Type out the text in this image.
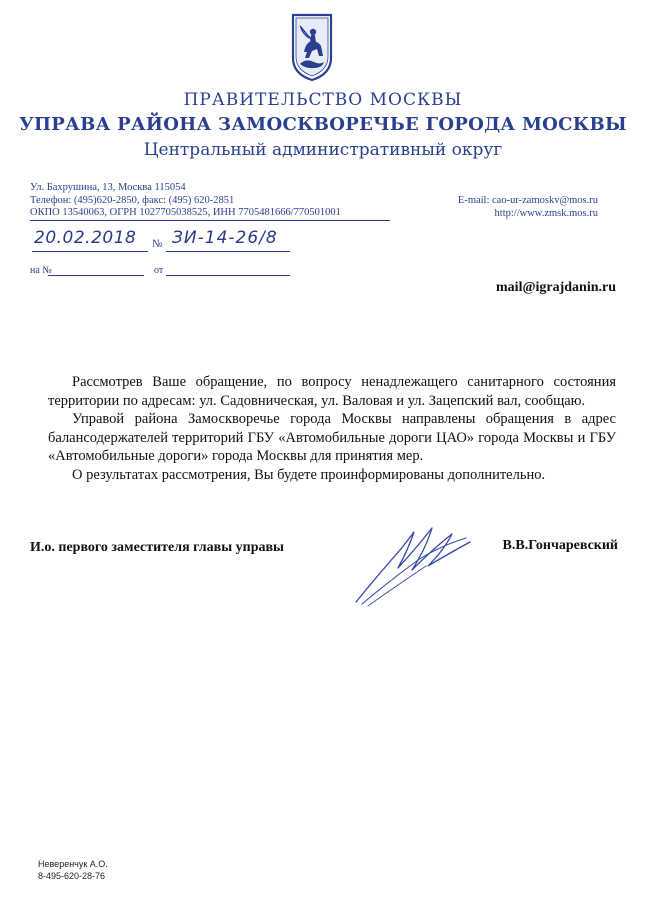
ПРАВИТЕЛЬСТВО МОСКВЫ
УПРАВА РАЙОНА ЗАМОСКВОРЕЧЬЕ ГОРОДА МОСКВЫ
Центральный административный округ
Ул. Бахрушина, 13, Москва 115054
Телефон: (495)620-2850, факс: (495) 620-2851
ОКПО 13540063, ОГРН 1027705038525, ИНН 7705481666/770501001
E-mail: cao-ur-zamoskv@mos.ru
http://www.zmsk.mos.ru
20.02.2018 № ЗИ-14-26/8
на №	от
mail@igrajdanin.ru

Рассмотрев Ваше обращение, по вопросу ненадлежащего санитарного состояния территории по адресам: ул. Садовническая, ул. Валовая и ул. Зацепский вал, сообщаю.

Управой района Замоскворечье города Москвы направлены обращения в адрес балансодержателей территорий ГБУ «Автомобильные дороги ЦАО» города Москвы и ГБУ «Автомобильные дороги» города Москвы для принятия мер.

О результатах рассмотрения, Вы будете проинформированы дополнительно.

И.о. первого заместителя главы управы	В.В.Гончаревский
Неверенчук А.О.
8-495-620-28-76
